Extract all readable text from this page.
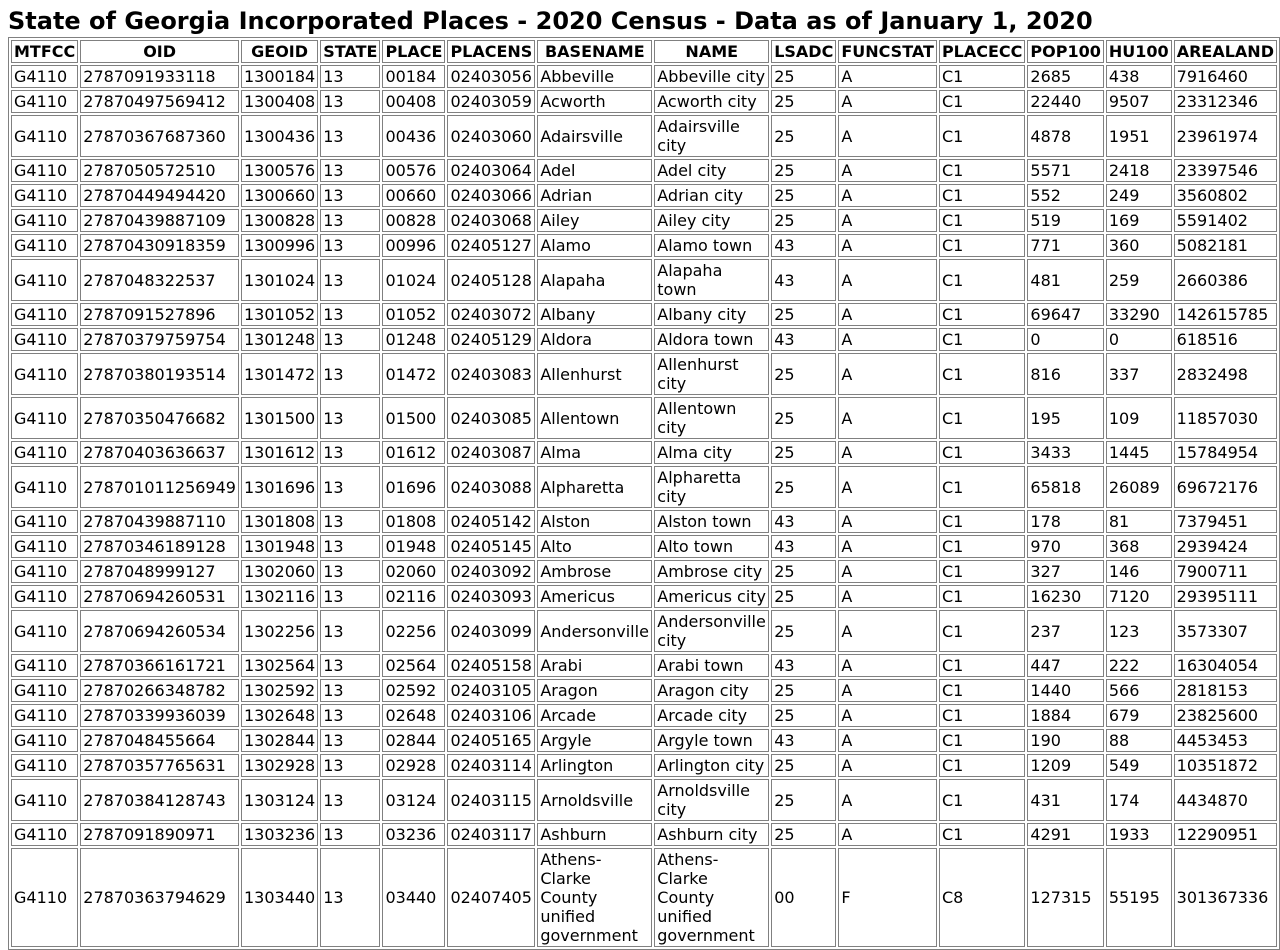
State of Georgia Incorporated Places - 2020 Census - Data as of January 1, 2020
MTFCC	OID	GEOID	STATE	PLACE	PLACENS	BASENAME	NAME	LSADC	FUNCSTAT	PLACECC	POP100	HU100	AREALAND
G4110	2787091933118	1300184	13	00184	02403056	Abbeville	Abbeville city	25	A	C1	2685	438	7916460
G4110	27870497569412	1300408	13	00408	02403059	Acworth	Acworth city	25	A	C1	22440	9507	23312346
G4110	27870367687360	1300436	13	00436	02403060	Adairsville	Adairsville city	25	A	C1	4878	1951	23961974
G4110	2787050572510	1300576	13	00576	02403064	Adel	Adel city	25	A	C1	5571	2418	23397546
G4110	27870449494420	1300660	13	00660	02403066	Adrian	Adrian city	25	A	C1	552	249	3560802
G4110	27870439887109	1300828	13	00828	02403068	Ailey	Ailey city	25	A	C1	519	169	5591402
G4110	27870430918359	1300996	13	00996	02405127	Alamo	Alamo town	43	A	C1	771	360	5082181
G4110	2787048322537	1301024	13	01024	02405128	Alapaha	Alapaha town	43	A	C1	481	259	2660386
G4110	2787091527896	1301052	13	01052	02403072	Albany	Albany city	25	A	C1	69647	33290	142615785
G4110	27870379759754	1301248	13	01248	02405129	Aldora	Aldora town	43	A	C1	0	0	618516
G4110	27870380193514	1301472	13	01472	02403083	Allenhurst	Allenhurst city	25	A	C1	816	337	2832498
G4110	27870350476682	1301500	13	01500	02403085	Allentown	Allentown city	25	A	C1	195	109	11857030
G4110	27870403636637	1301612	13	01612	02403087	Alma	Alma city	25	A	C1	3433	1445	15784954
G4110	278701011256949	1301696	13	01696	02403088	Alpharetta	Alpharetta city	25	A	C1	65818	26089	69672176
G4110	27870439887110	1301808	13	01808	02405142	Alston	Alston town	43	A	C1	178	81	7379451
G4110	27870346189128	1301948	13	01948	02405145	Alto	Alto town	43	A	C1	970	368	2939424
G4110	2787048999127	1302060	13	02060	02403092	Ambrose	Ambrose city	25	A	C1	327	146	7900711
G4110	27870694260531	1302116	13	02116	02403093	Americus	Americus city	25	A	C1	16230	7120	29395111
G4110	27870694260534	1302256	13	02256	02403099	Andersonville	Andersonville city	25	A	C1	237	123	3573307
G4110	27870366161721	1302564	13	02564	02405158	Arabi	Arabi town	43	A	C1	447	222	16304054
G4110	27870266348782	1302592	13	02592	02403105	Aragon	Aragon city	25	A	C1	1440	566	2818153
G4110	27870339936039	1302648	13	02648	02403106	Arcade	Arcade city	25	A	C1	1884	679	23825600
G4110	2787048455664	1302844	13	02844	02405165	Argyle	Argyle town	43	A	C1	190	88	4453453
G4110	27870357765631	1302928	13	02928	02403114	Arlington	Arlington city	25	A	C1	1209	549	10351872
G4110	27870384128743	1303124	13	03124	02403115	Arnoldsville	Arnoldsville city	25	A	C1	431	174	4434870
G4110	2787091890971	1303236	13	03236	02403117	Ashburn	Ashburn city	25	A	C1	4291	1933	12290951
G4110	27870363794629	1303440	13	03440	02407405	Athens-Clarke County unified government	Athens-Clarke County unified government	00	F	C8	127315	55195	301367336
